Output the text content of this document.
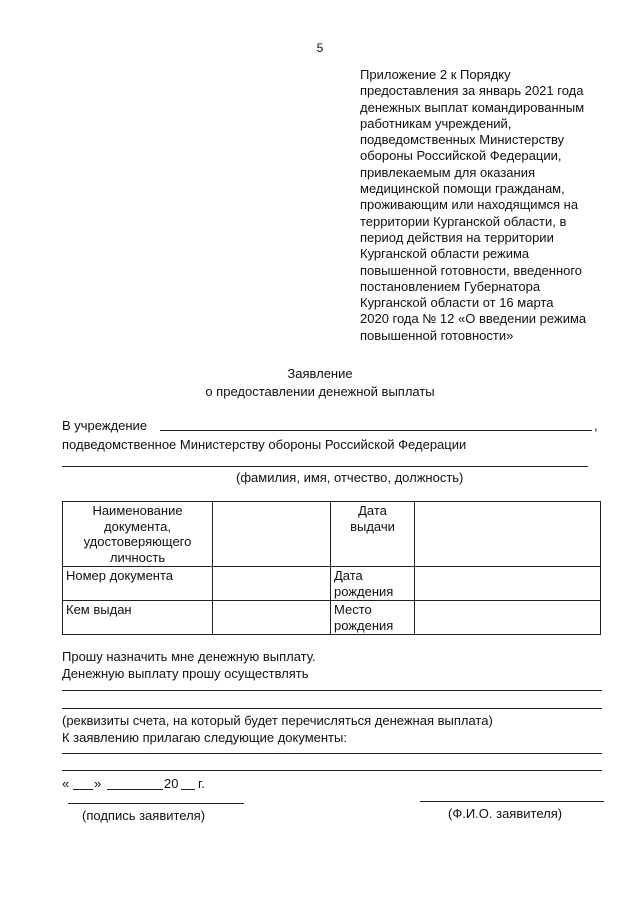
5
Приложение 2 к Порядку
предоставления за январь 2021 года
денежных выплат командированным
работникам учреждений,
подведомственных Министерству
обороны Российской Федерации,
привлекаемым для оказания
медицинской помощи гражданам,
проживающим или находящимся на
территории Курганской области, в
период действия на территории
Курганской области режима
повышенной готовности, введенного
постановлением Губернатора
Курганской области от 16 марта
2020 года № 12 «О введении режима
повышенной готовности»
Заявление
о предоставлении денежной выплаты
В учреждение	,
подведомственное Министерству обороны Российской Федерации
(фамилия, имя, отчество, должность)
Наименование документа, удостоверяющего личность		Дата выдачи	
Номер документа		Дата рождения	
Кем выдан		Место рождения	
Прошу назначить мне денежную выплату.
Денежную выплату прошу осуществлять
(реквизиты счета, на который будет перечисляться денежная выплата)
К заявлению прилагаю следующие документы:
« »	20 г.
(подпись заявителя)	(Ф.И.О. заявителя)
